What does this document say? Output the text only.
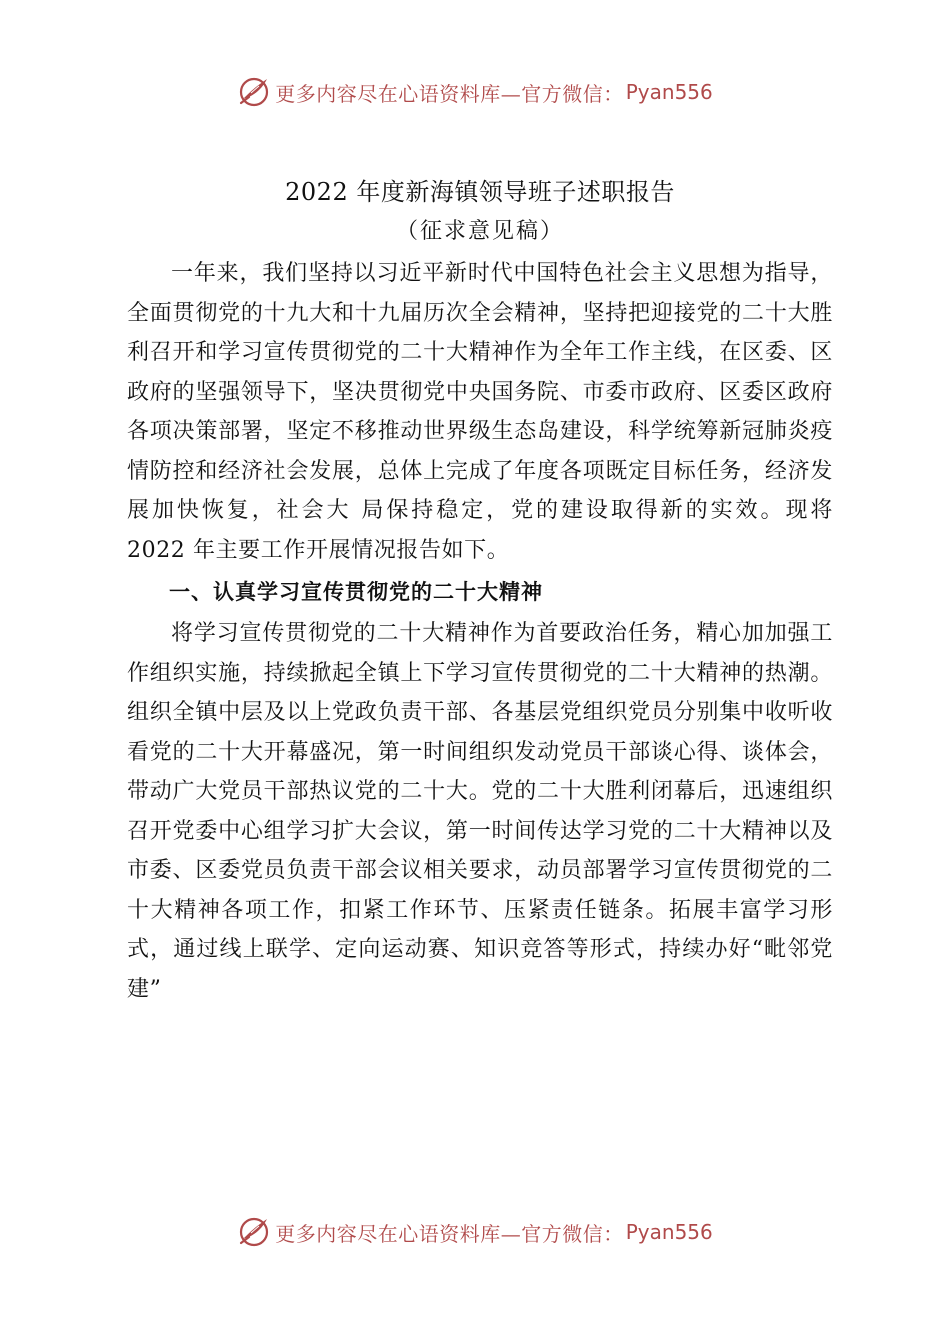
更多内容尽在心语资料库—官方微信： Pyan556
2022 年度新海镇领导班子述职报告

（征求意见稿）

一年来，我们坚持以习近平新时代中国特色社会主义思想为指导，全面贯彻党的十九大和十九届历次全会精神，坚持把迎接党的二十大胜利召开和学习宣传贯彻党的二十大精神作为全年工作主线，在区委、区政府的坚强领导下，坚决贯彻党中央国务院、市委市政府、区委区政府各项决策部署，坚定不移推动世界级生态岛建设，科学统筹新冠肺炎疫情防控和经济社会发展，总体上完成了年度各项既定目标任务，经济发展加快恢复，社会大 局保持稳定，党的建设取得新的实效。现将 2022 年主要工作开展情况报告如下。

一、认真学习宣传贯彻党的二十大精神

将学习宣传贯彻党的二十大精神作为首要政治任务，精心加加强工作组织实施，持续掀起全镇上下学习宣传贯彻党的二十大精神的热潮。组织全镇中层及以上党政负责干部、各基层党组织党员分别集中收听收看党的二十大开幕盛况，第一时间组织发动党员干部谈心得、谈体会，带动广大党员干部热议党的二十大。党的二十大胜利闭幕后，迅速组织召开党委中心组学习扩大会议，第一时间传达学习党的二十大精神以及市委、区委党员负责干部会议相关要求，动员部署学习宣传贯彻党的二十大精神各项工作，扣紧工作环节、压紧责任链条。拓展丰富学习形式，通过线上联学、定向运动赛、知识竞答等形式，持续办好“毗邻党建”

更多内容尽在心语资料库—官方微信： Pyan556
